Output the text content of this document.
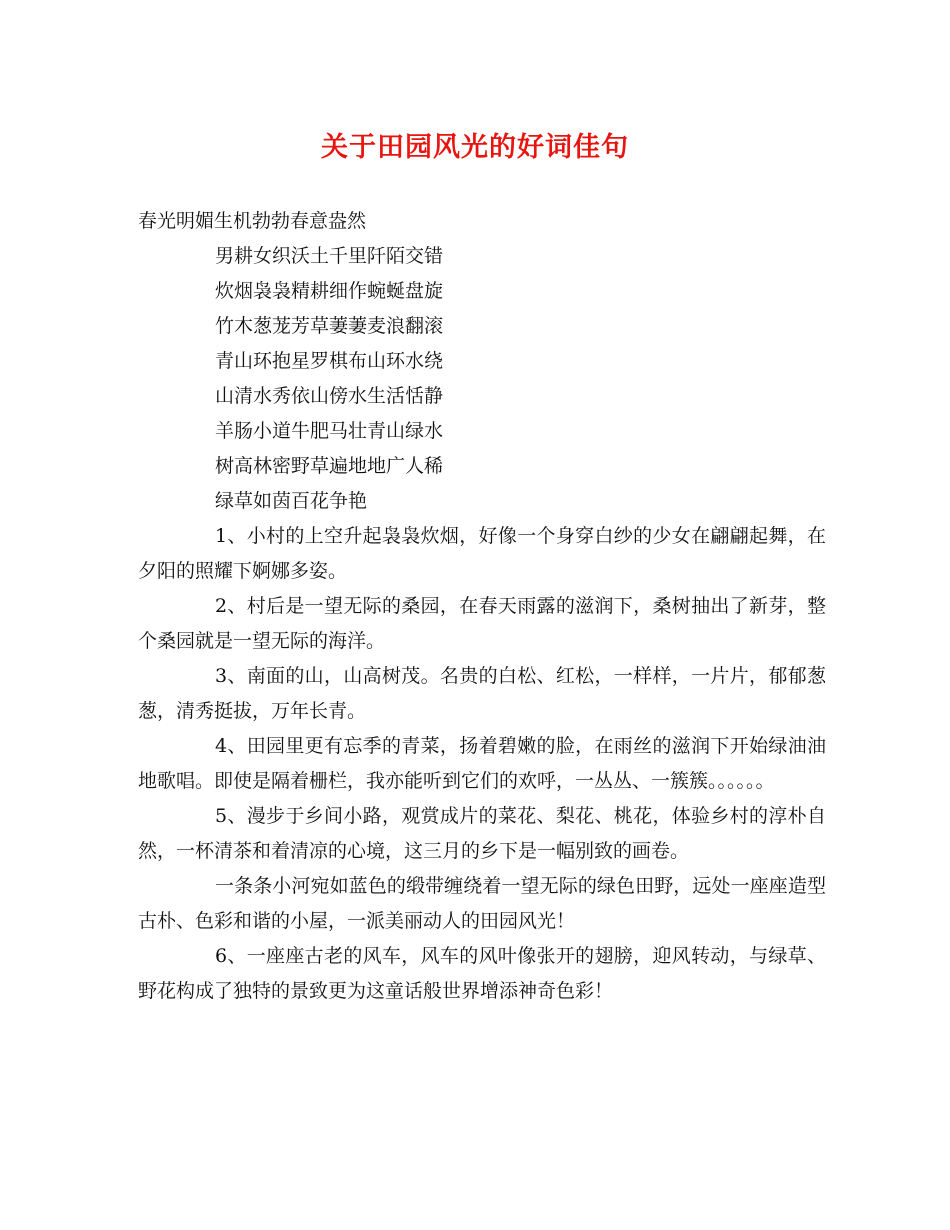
关于田园风光的好词佳句

春光明媚生机勃勃春意盎然

男耕女织沃土千里阡陌交错

炊烟袅袅精耕细作蜿蜒盘旋

竹木葱茏芳草萋萋麦浪翻滚

青山环抱星罗棋布山环水绕

山清水秀依山傍水生活恬静

羊肠小道牛肥马壮青山绿水

树高林密野草遍地地广人稀

绿草如茵百花争艳

1、小村的上空升起袅袅炊烟，好像一个身穿白纱的少女在翩翩起舞，在夕阳的照耀下婀娜多姿。

2、村后是一望无际的桑园，在春天雨露的滋润下，桑树抽出了新芽，整个桑园就是一望无际的海洋。

3、南面的山，山高树茂。名贵的白松、红松，一样样，一片片，郁郁葱葱，清秀挺拔，万年长青。

4、田园里更有忘季的青菜，扬着碧嫩的脸，在雨丝的滋润下开始绿油油地歌唱。即使是隔着栅栏，我亦能听到它们的欢呼，一丛丛、一簇簇。。。。。。

5、漫步于乡间小路，观赏成片的菜花、梨花、桃花，体验乡村的淳朴自然，一杯清茶和着清凉的心境，这三月的乡下是一幅别致的画卷。

一条条小河宛如蓝色的缎带缠绕着一望无际的绿色田野，远处一座座造型古朴、色彩和谐的小屋，一派美丽动人的田园风光！

6、一座座古老的风车，风车的风叶像张开的翅膀，迎风转动，与绿草、野花构成了独特的景致更为这童话般世界增添神奇色彩！
